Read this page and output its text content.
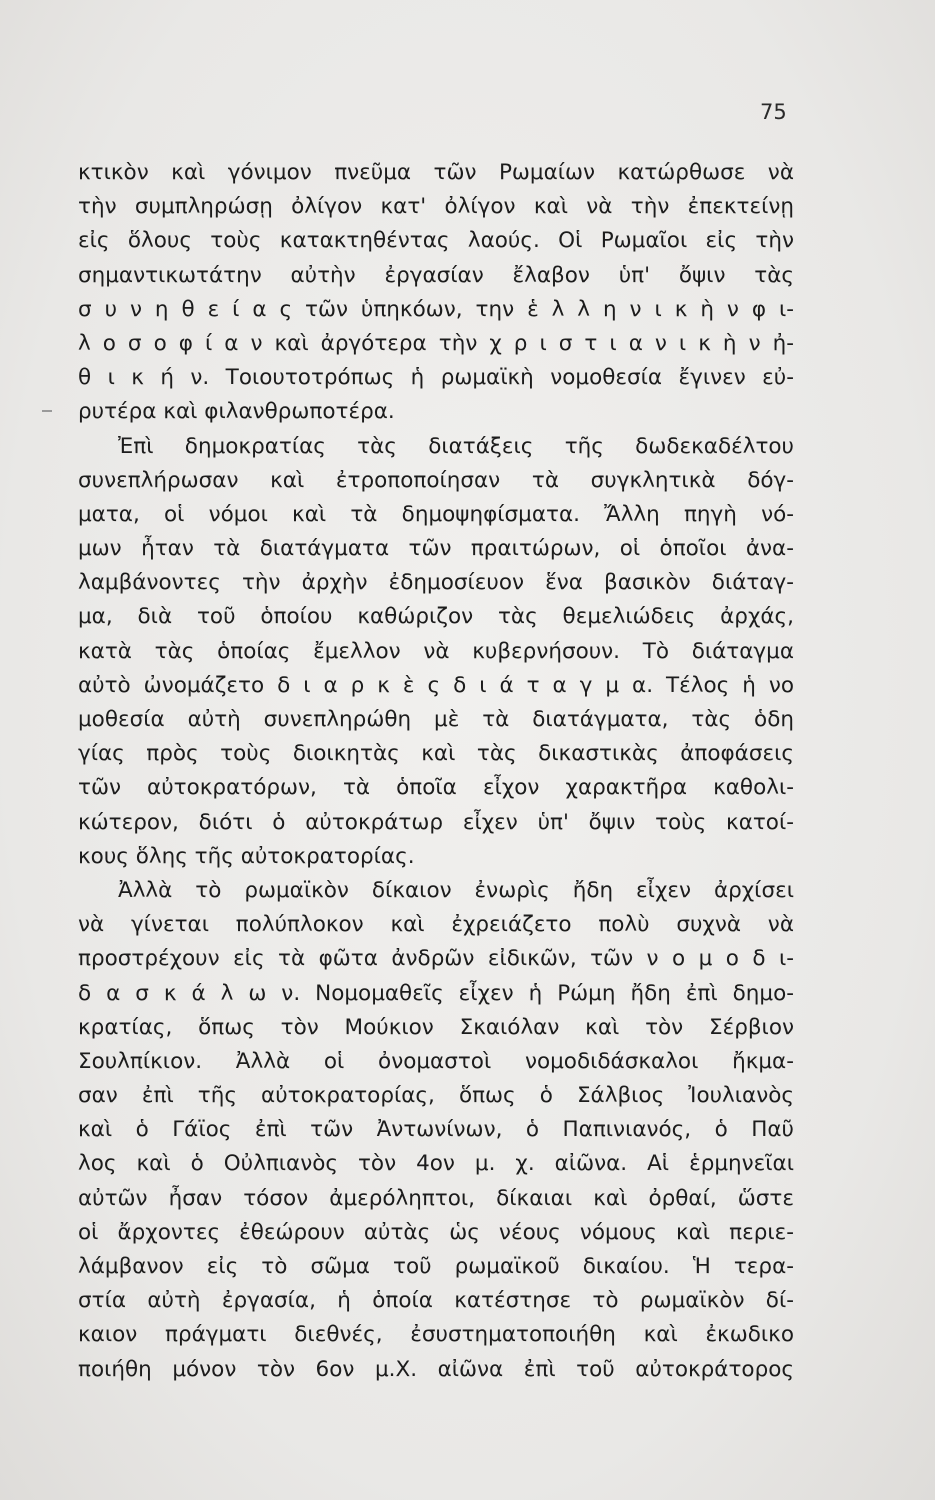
75
κτικὸν καὶ γόνιμον πνεῦμα τῶν Ρωμαίων κατώρθωσε νὰ
τὴν συμπληρώσῃ ὀλίγον κατ' ὀλίγον καὶ νὰ τὴν ἐπεκτείνῃ
εἰς ὅλους τοὺς κατακτηθέντας λαούς. Οἱ Ρωμαῖοι εἰς τὴν
σημαντικωτάτην αὐτὴν ἐργασίαν ἔλαβον ὑπ' ὄψιν τὰς
σ υ ν η θ ε ί α ς τῶν ὑπηκόων, την ἑ λ λ η ν ι κ ὴ ν φ ι-
λ ο σ ο φ ί α ν καὶ ἀργότερα τὴν χ ρ ι σ τ ι α ν ι κ ὴ ν ἠ-
θ ι κ ή ν. Τοιουτοτρόπως ἡ ρωμαϊκὴ νομοθεσία ἔγινεν εὐ-
ρυτέρα καὶ φιλανθρωποτέρα.
Ἐπὶ δημοκρατίας τὰς διατάξεις τῆς δωδεκαδέλτου
συνεπλήρωσαν καὶ ἐτροποποίησαν τὰ συγκλητικὰ δόγ-
ματα, οἱ νόμοι καὶ τὰ δημοψηφίσματα. Ἄλλη πηγὴ νό-
μων ἦταν τὰ διατάγματα τῶν πραιτώρων, οἱ ὁποῖοι ἀνα-
λαμβάνοντες τὴν ἀρχὴν ἐδημοσίευον ἕνα βασικὸν διάταγ-
μα, διὰ τοῦ ὁποίου καθώριζον τὰς θεμελιώδεις ἀρχάς,
κατὰ τὰς ὁποίας ἔμελλον νὰ κυβερνήσουν. Τὸ διάταγμα
αὐτὸ ὠνομάζετο δ ι α ρ κ ὲ ς δ ι ά τ α γ μ α. Τέλος ἡ νο
μοθεσία αὐτὴ συνεπληρώθη μὲ τὰ διατάγματα, τὰς ὁδη
γίας πρὸς τοὺς διοικητὰς καὶ τὰς δικαστικὰς ἀποφάσεις
τῶν αὐτοκρατόρων, τὰ ὁποῖα εἶχον χαρακτῆρα καθολι-
κώτερον, διότι ὁ αὐτοκράτωρ εἶχεν ὑπ' ὄψιν τοὺς κατοί-
κους ὅλης τῆς αὐτοκρατορίας.
Ἀλλὰ τὸ ρωμαϊκὸν δίκαιον ἐνωρὶς ἤδη εἶχεν ἀρχίσει
νὰ γίνεται πολύπλοκον καὶ ἐχρειάζετο πολὺ συχνὰ νὰ
προστρέχουν εἰς τὰ φῶτα ἀνδρῶν εἰδικῶν, τῶν ν ο μ ο δ ι-
δ α σ κ ά λ ω ν. Νομομαθεῖς εἶχεν ἡ Ρώμη ἤδη ἐπὶ δημο-
κρατίας, ὅπως τὸν Μούκιον Σκαιόλαν καὶ τὸν Σέρβιον
Σουλπίκιον. Ἀλλὰ οἱ ὀνομαστοὶ νομοδιδάσκαλοι ἤκμα-
σαν ἐπὶ τῆς αὐτοκρατορίας, ὅπως ὁ Σάλβιος Ἰουλιανὸς
καὶ ὁ Γάϊος ἐπὶ τῶν Ἀντωνίνων, ὁ Παπινιανός, ὁ Παῦ
λος καὶ ὁ Οὐλπιανὸς τὸν 4ον μ. χ. αἰῶνα. Αἱ ἑρμηνεῖαι
αὐτῶν ἦσαν τόσον ἀμερόληπτοι, δίκαιαι καὶ ὀρθαί, ὥστε
οἱ ἄρχοντες ἐθεώρουν αὐτὰς ὡς νέους νόμους καὶ περιε-
λάμβανον εἰς τὸ σῶμα τοῦ ρωμαϊκοῦ δικαίου. Ἡ τερα-
στία αὐτὴ ἐργασία, ἡ ὁποία κατέστησε τὸ ρωμαϊκὸν δί-
καιον πράγματι διεθνές, ἐσυστηματοποιήθη καὶ ἐκωδικο
ποιήθη μόνον τὸν 6ον μ.Χ. αἰῶνα ἐπὶ τοῦ αὐτοκράτορος
